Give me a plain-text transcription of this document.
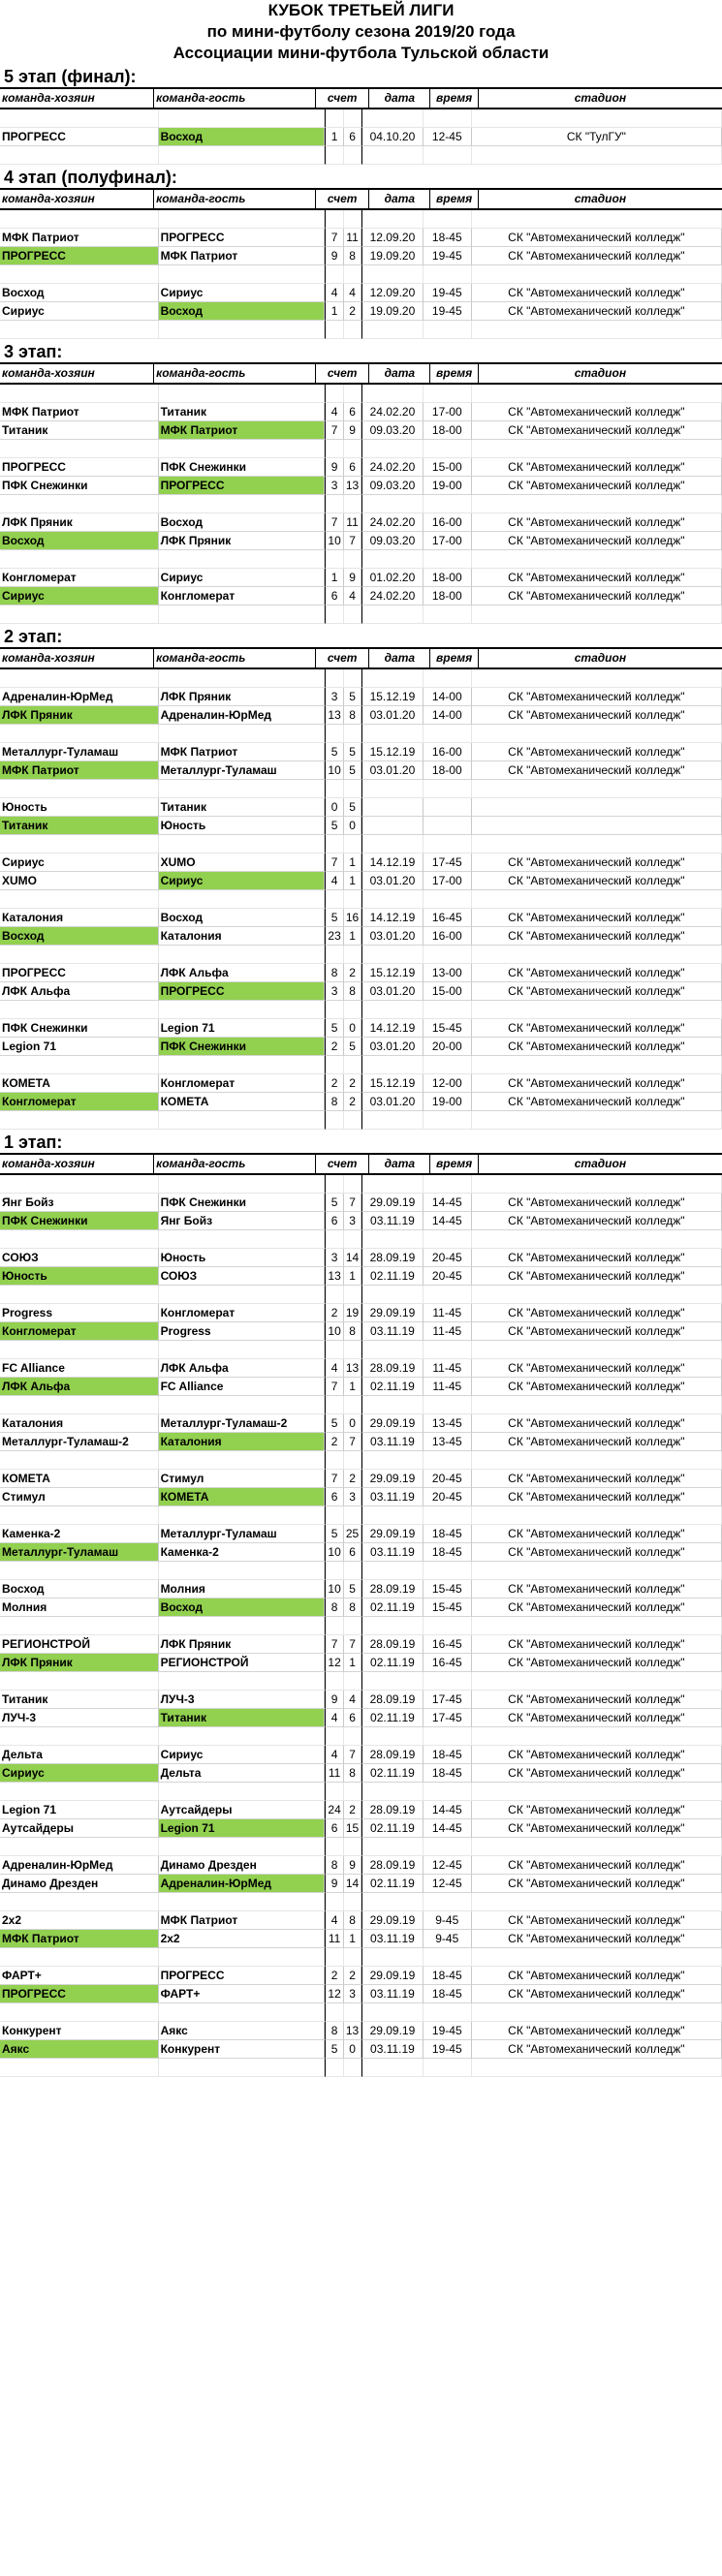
КУБОК ТРЕТЬЕЙ ЛИГИ
по мини-футболу сезона 2019/20 года
Ассоциации мини-футбола Тульской области
5 этап (финал):
команда-хозяин	команда-гость	счет	дата	время	стадион
ПРОГРЕСС	Восход	1 6	04.10.20	12-45	СК "ТулГУ"
4 этап (полуфинал):
команда-хозяин	команда-гость	счет	дата	время	стадион
МФК Патриот	ПРОГРЕСС	7 11 12.09.20	18-45	СК "Автомеханический колледж"
ПРОГРЕСС	МФК Патриот	9 8	19.09.20	19-45	СК "Автомеханический колледж"
Восход	Сириус	4 4	12.09.20	19-45	СК "Автомеханический колледж"
Сириус	Восход	1 2	19.09.20	19-45	СК "Автомеханический колледж"
3 этап:
команда-хозяин	команда-гость	счет	дата	время	стадион
МФК Патриот	Титаник	4 6	24.02.20	17-00	СК "Автомеханический колледж"
Титаник	МФК Патриот	7 9	09.03.20	18-00	СК "Автомеханический колледж"
ПРОГРЕСС	ПФК Снежинки	9 6	24.02.20	15-00	СК "Автомеханический колледж"
ПФК Снежинки	ПРОГРЕСС	3 13 09.03.20	19-00	СК "Автомеханический колледж"
ЛФК Пряник	Восход	7 11 24.02.20	16-00	СК "Автомеханический колледж"
Восход	ЛФК Пряник	10 7	09.03.20	17-00	СК "Автомеханический колледж"
Конгломерат	Сириус	1 9	01.02.20	18-00	СК "Автомеханический колледж"
Сириус	Конгломерат	6 4	24.02.20	18-00	СК "Автомеханический колледж"
2 этап:
команда-хозяин	команда-гость	счет	дата	время	стадион
Адреналин-ЮрМед	ЛФК Пряник	3 5	15.12.19	14-00	СК "Автомеханический колледж"
ЛФК Пряник	Адреналин-ЮрМед	13 8	03.01.20	14-00	СК "Автомеханический колледж"
Металлург-Туламаш	МФК Патриот	5 5	15.12.19	16-00	СК "Автомеханический колледж"
МФК Патриот	Металлург-Туламаш	10 5	03.01.20	18-00	СК "Автомеханический колледж"
Юность	Титаник	0 5
Титаник	Юность	5 0
Сириус	ХUMO	7 1	14.12.19	17-45	СК "Автомеханический колледж"
ХUMO	Сириус	4 1	03.01.20	17-00	СК "Автомеханический колледж"
Каталония	Восход	5 16 14.12.19	16-45	СК "Автомеханический колледж"
Восход	Каталония	23 1	03.01.20	16-00	СК "Автомеханический колледж"
ПРОГРЕСС	ЛФК Альфа	8 2	15.12.19	13-00	СК "Автомеханический колледж"
ЛФК Альфа	ПРОГРЕСС	3 8	03.01.20	15-00	СК "Автомеханический колледж"
ПФК Снежинки	Legion 71	5 0	14.12.19	15-45	СК "Автомеханический колледж"
Legion 71	ПФК Снежинки	2 5	03.01.20	20-00	СК "Автомеханический колледж"
КОМЕТА	Конгломерат	2 2	15.12.19	12-00	СК "Автомеханический колледж"
Конгломерат	КОМЕТА	8 2	03.01.20	19-00	СК "Автомеханический колледж"
1 этап:
команда-хозяин	команда-гость	счет	дата	время	стадион
Янг Бойз	ПФК Снежинки	5 7	29.09.19	14-45	СК "Автомеханический колледж"
ПФК Снежинки	Янг Бойз	6 3	03.11.19	14-45	СК "Автомеханический колледж"
СОЮЗ	Юность	3 14 28.09.19	20-45	СК "Автомеханический колледж"
Юность	СОЮЗ	13 1	02.11.19	20-45	СК "Автомеханический колледж"
Progress	Конгломерат	2 19 29.09.19	11-45	СК "Автомеханический колледж"
Конгломерат	Progress	10 8	03.11.19	11-45	СК "Автомеханический колледж"
FC Alliance	ЛФК Альфа	4 13 28.09.19	11-45	СК "Автомеханический колледж"
ЛФК Альфа	FC Alliance	7 1	02.11.19	11-45	СК "Автомеханический колледж"
Каталония	Металлург-Туламаш-2	5 0	29.09.19	13-45	СК "Автомеханический колледж"
Металлург-Туламаш-2	Каталония	2 7	03.11.19	13-45	СК "Автомеханический колледж"
КОМЕТА	Стимул	7 2	29.09.19	20-45	СК "Автомеханический колледж"
Стимул	КОМЕТА	6 3	03.11.19	20-45	СК "Автомеханический колледж"
Каменка-2	Металлург-Туламаш	5 25 29.09.19	18-45	СК "Автомеханический колледж"
Металлург-Туламаш	Каменка-2	10 6	03.11.19	18-45	СК "Автомеханический колледж"
Восход	Молния	10 5	28.09.19	15-45	СК "Автомеханический колледж"
Молния	Восход	8 8	02.11.19	15-45	СК "Автомеханический колледж"
РЕГИОНСТРОЙ	ЛФК Пряник	7 7	28.09.19	16-45	СК "Автомеханический колледж"
ЛФК Пряник	РЕГИОНСТРОЙ	12 1	02.11.19	16-45	СК "Автомеханический колледж"
Титаник	ЛУЧ-3	9 4	28.09.19	17-45	СК "Автомеханический колледж"
ЛУЧ-3	Титаник	4 6	02.11.19	17-45	СК "Автомеханический колледж"
Дельта	Сириус	4 7	28.09.19	18-45	СК "Автомеханический колледж"
Сириус	Дельта	11 8	02.11.19	18-45	СК "Автомеханический колледж"
Legion 71	Аутсайдеры	24 2	28.09.19	14-45	СК "Автомеханический колледж"
Аутсайдеры	Legion 71	6 15 02.11.19	14-45	СК "Автомеханический колледж"
Адреналин-ЮрМед	Динамо Дрезден	8 9	28.09.19	12-45	СК "Автомеханический колледж"
Динамо Дрезден	Адреналин-ЮрМед	9 14 02.11.19	12-45	СК "Автомеханический колледж"
2х2	МФК Патриот	4 8	29.09.19	9-45	СК "Автомеханический колледж"
МФК Патриот	2х2	11 1	03.11.19	9-45	СК "Автомеханический колледж"
ФАРТ+	ПРОГРЕСС	2 2	29.09.19	18-45	СК "Автомеханический колледж"
ПРОГРЕСС	ФАРТ+	12 3	03.11.19	18-45	СК "Автомеханический колледж"
Конкурент	Аякс	8 13 29.09.19	19-45	СК "Автомеханический колледж"
Аякс	Конкурент	5 0	03.11.19	19-45	СК "Автомеханический колледж"
